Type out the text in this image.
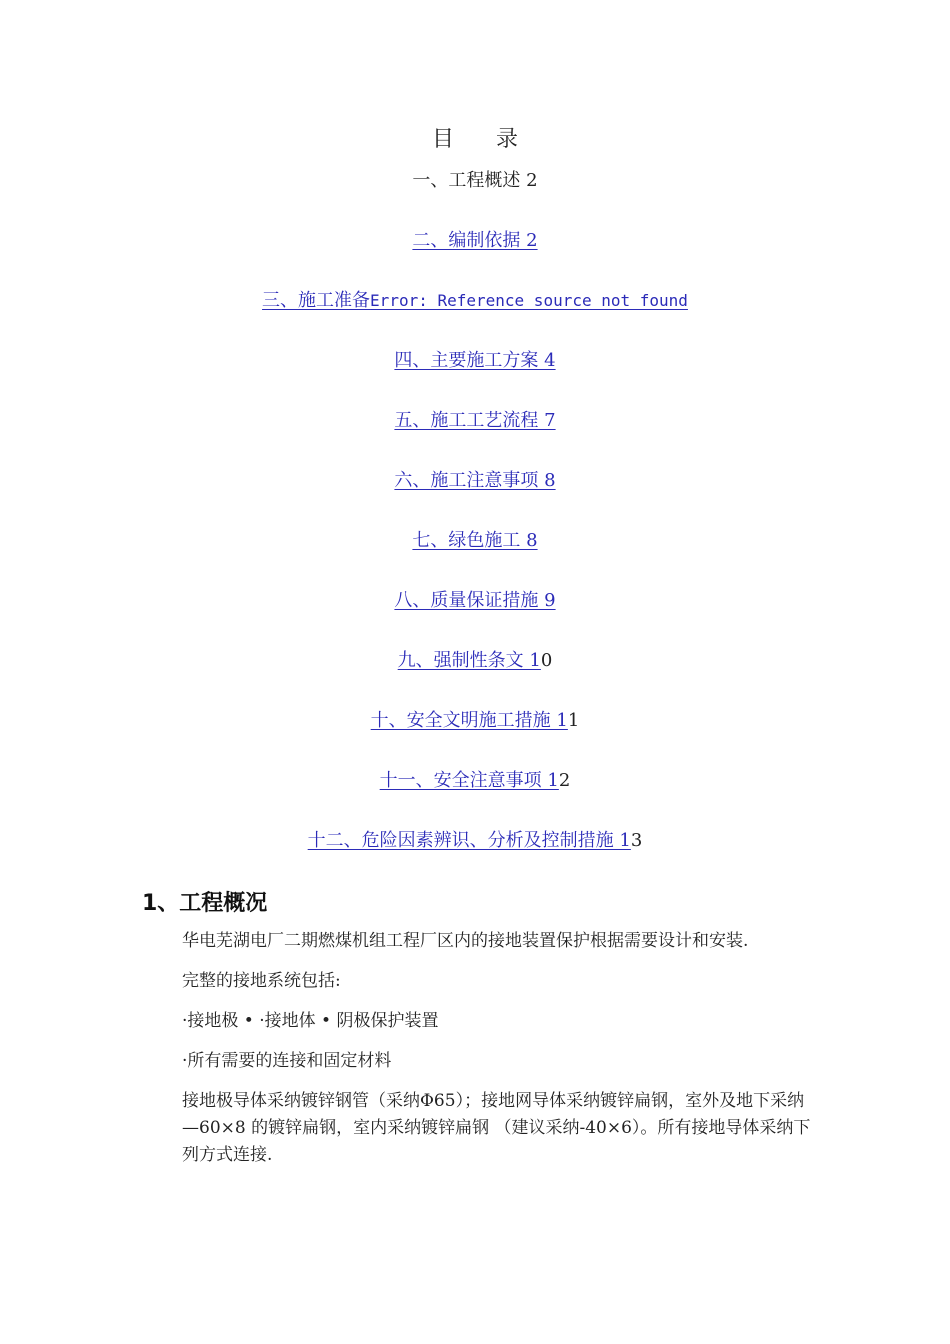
目 录
一、工程概述 2
二、编制依据 2
三、施工准备Error: Reference source not found
四、主要施工方案 4
五、施工工艺流程 7
六、施工注意事项 8
七、绿色施工 8
八、质量保证措施 9
九、强制性条文 10
十、安全文明施工措施 11
十一、安全注意事项 12
十二、危险因素辨识、分析及控制措施 13
1、工程概况

华电芜湖电厂二期燃煤机组工程厂区内的接地装置保护根据需要设计和安装.

完整的接地系统包括:

·接地极 • ·接地体 • 阴极保护装置

·所有需要的连接和固定材料

接地极导体采纳镀锌钢管（采纳Φ65）；接地网导体采纳镀锌扁钢，室外及地下采纳—60×8 的镀锌扁钢，室内采纳镀锌扁钢 （建议采纳-40×6）。所有接地导体采纳下列方式连接.
